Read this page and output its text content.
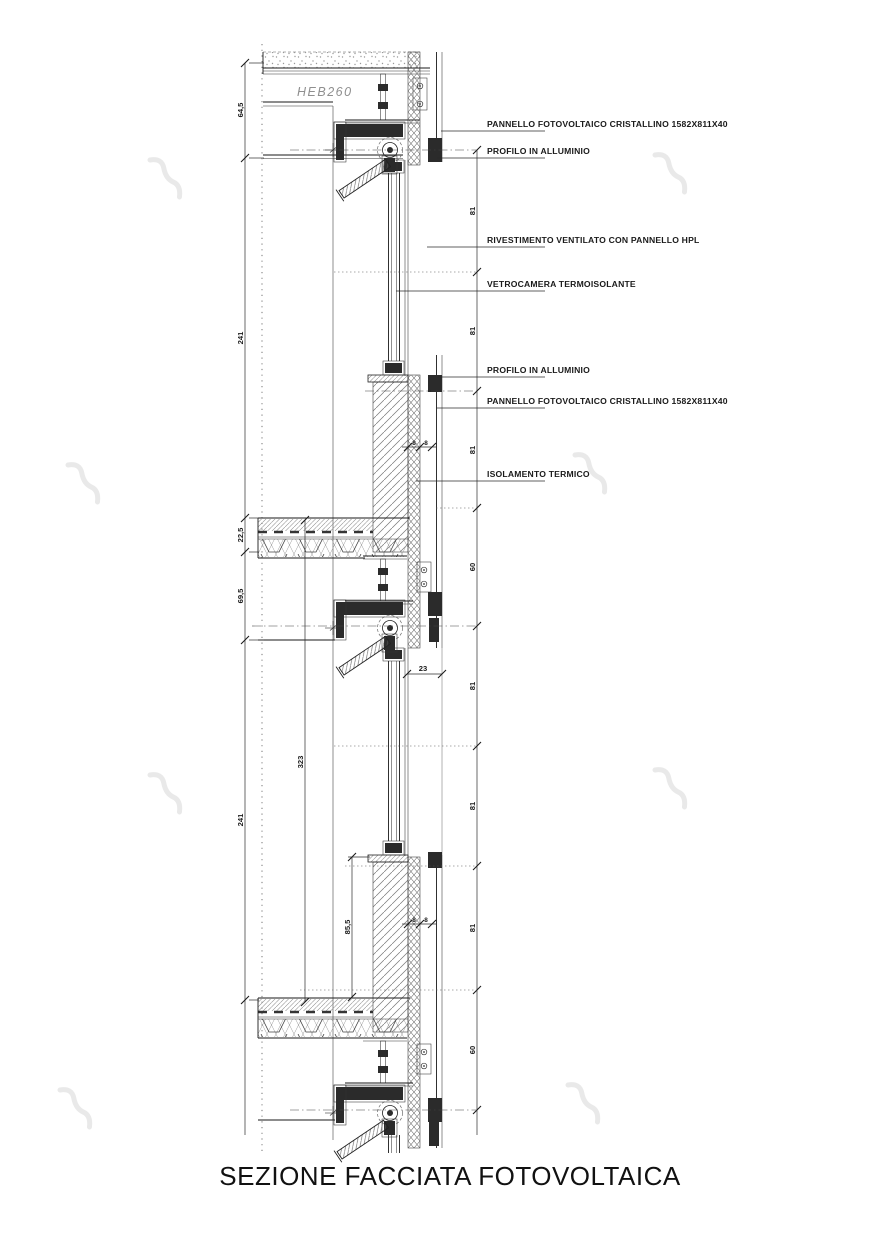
HEB260
64,5
241
22,5
69,5
241
323
85,5
81
81
81
60
81
81
81
60
23
8 8
8 8
PANNELLO FOTOVOLTAICO CRISTALLINO 1582X811X40
PROFILO IN ALLUMINIO
RIVESTIMENTO VENTILATO CON PANNELLO HPL
VETROCAMERA TERMOISOLANTE
PROFILO IN ALLUMINIO
PANNELLO FOTOVOLTAICO CRISTALLINO 1582X811X40
ISOLAMENTO TERMICO
SEZIONE FACCIATA FOTOVOLTAICA
